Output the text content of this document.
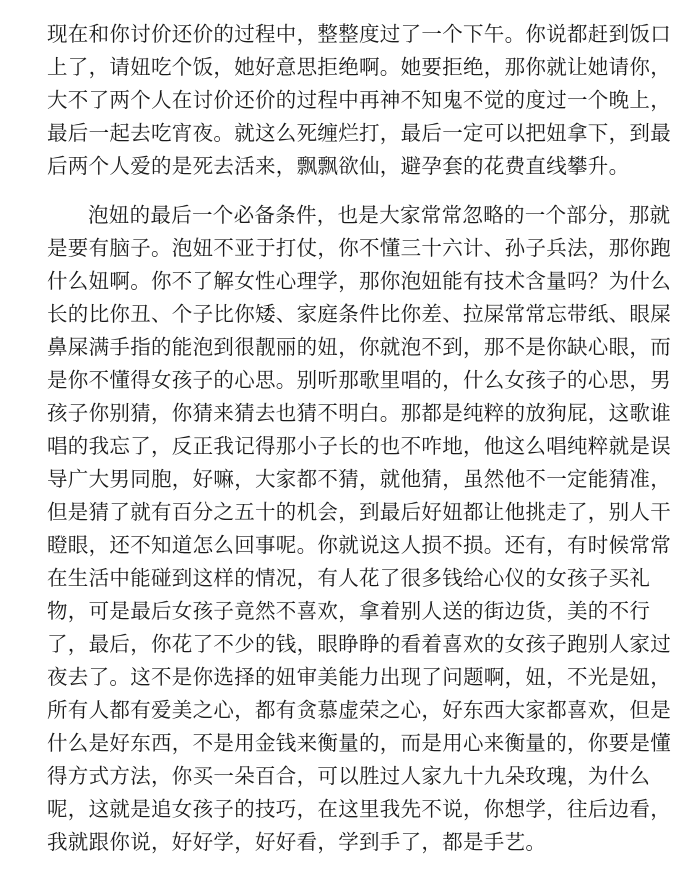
现在和你讨价还价的过程中，整整度过了一个下午。你说都赶到饭口
上了，请妞吃个饭，她好意思拒绝啊。她要拒绝，那你就让她请你，
大不了两个人在讨价还价的过程中再神不知鬼不觉的度过一个晚上，
最后一起去吃宵夜。就这么死缠烂打，最后一定可以把妞拿下，到最
后两个人爱的是死去活来，飘飘欲仙，避孕套的花费直线攀升。
泡妞的最后一个必备条件，也是大家常常忽略的一个部分，那就
是要有脑子。泡妞不亚于打仗，你不懂三十六计、孙子兵法，那你跑
什么妞啊。你不了解女性心理学，那你泡妞能有技术含量吗？为什么
长的比你丑、个子比你矮、家庭条件比你差、拉屎常常忘带纸、眼屎
鼻屎满手指的能泡到很靓丽的妞，你就泡不到，那不是你缺心眼，而
是你不懂得女孩子的心思。别听那歌里唱的，什么女孩子的心思，男
孩子你别猜，你猜来猜去也猜不明白。那都是纯粹的放狗屁，这歌谁
唱的我忘了，反正我记得那小子长的也不咋地，他这么唱纯粹就是误
导广大男同胞，好嘛，大家都不猜，就他猜，虽然他不一定能猜准，
但是猜了就有百分之五十的机会，到最后好妞都让他挑走了，别人干
瞪眼，还不知道怎么回事呢。你就说这人损不损。还有，有时候常常
在生活中能碰到这样的情况，有人花了很多钱给心仪的女孩子买礼
物，可是最后女孩子竟然不喜欢，拿着别人送的街边货，美的不行
了，最后，你花了不少的钱，眼睁睁的看着喜欢的女孩子跑别人家过
夜去了。这不是你选择的妞审美能力出现了问题啊，妞，不光是妞，
所有人都有爱美之心，都有贪慕虚荣之心，好东西大家都喜欢，但是
什么是好东西，不是用金钱来衡量的，而是用心来衡量的，你要是懂
得方式方法，你买一朵百合，可以胜过人家九十九朵玫瑰，为什么
呢，这就是追女孩子的技巧，在这里我先不说，你想学，往后边看，
我就跟你说，好好学，好好看，学到手了，都是手艺。
